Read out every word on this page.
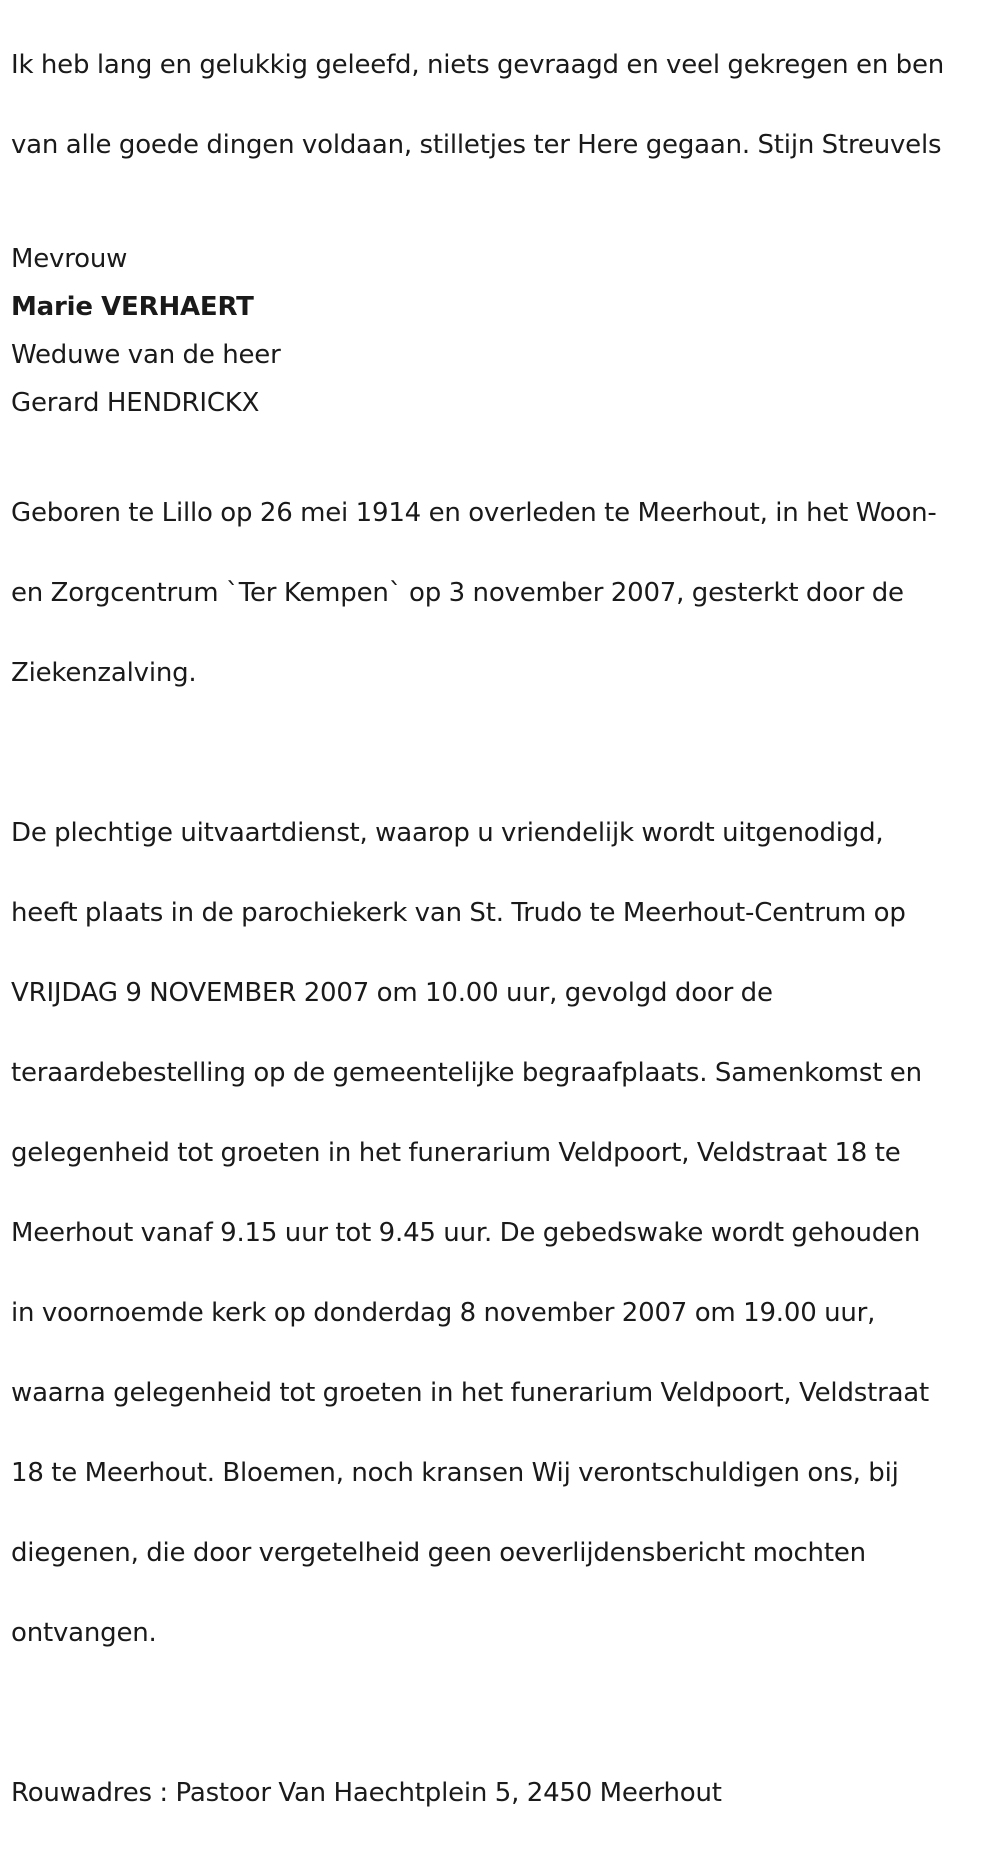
Ik heb lang en gelukkig geleefd, niets gevraagd en veel gekregen en ben

van alle goede dingen voldaan, stilletjes ter Here gegaan. Stijn Streuvels

Mevrouw
Marie VERHAERT
Weduwe van de heer
Gerard HENDRICKX

Geboren te Lillo op 26 mei 1914 en overleden te Meerhout, in het Woon-

en Zorgcentrum `Ter Kempen` op 3 november 2007, gesterkt door de

Ziekenzalving.

De plechtige uitvaartdienst, waarop u vriendelijk wordt uitgenodigd,

heeft plaats in de parochiekerk van St. Trudo te Meerhout-Centrum op

VRIJDAG 9 NOVEMBER 2007 om 10.00 uur, gevolgd door de

teraardebestelling op de gemeentelijke begraafplaats. Samenkomst en

gelegenheid tot groeten in het funerarium Veldpoort, Veldstraat 18 te

Meerhout vanaf 9.15 uur tot 9.45 uur. De gebedswake wordt gehouden

in voornoemde kerk op donderdag 8 november 2007 om 19.00 uur,

waarna gelegenheid tot groeten in het funerarium Veldpoort, Veldstraat

18 te Meerhout. Bloemen, noch kransen Wij verontschuldigen ons, bij

diegenen, die door vergetelheid geen oeverlijdensbericht mochten

ontvangen.

Rouwadres : Pastoor Van Haechtplein 5, 2450 Meerhout
